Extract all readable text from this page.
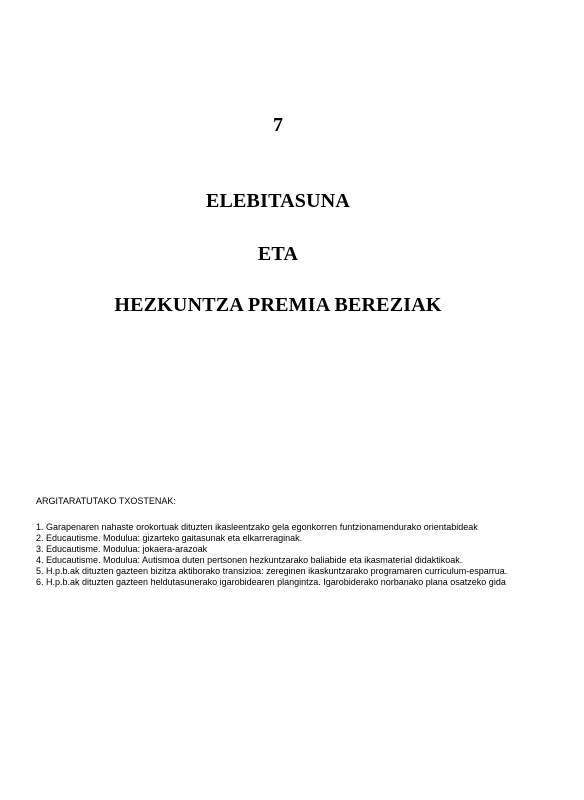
7
ELEBITASUNA
ETA
HEZKUNTZA PREMIA BEREZIAK
ARGITARATUTAKO TXOSTENAK:
1. Garapenaren nahaste orokortuak dituzten ikasleentzako gela egonkorren funtzionamendurako orientabideak
2. Educautisme. Modulua: gizarteko gaitasunak eta elkarreraginak.
3. Educautisme. Modulua: jokaera-arazoak
4. Educautisme. Modulua: Autismoa duten pertsonen hezkuntzarako baliabide eta ikasmaterial didaktikoak.
5. H.p.b.ak dituzten gazteen bizitza aktiborako transizioa: zereginen ikaskuntzarako programaren curriculum-esparrua.
6. H.p.b.ak dituzten gazteen heldutasunerako igarobidearen plangintza. Igarobiderako norbanako plana osatzeko gida
